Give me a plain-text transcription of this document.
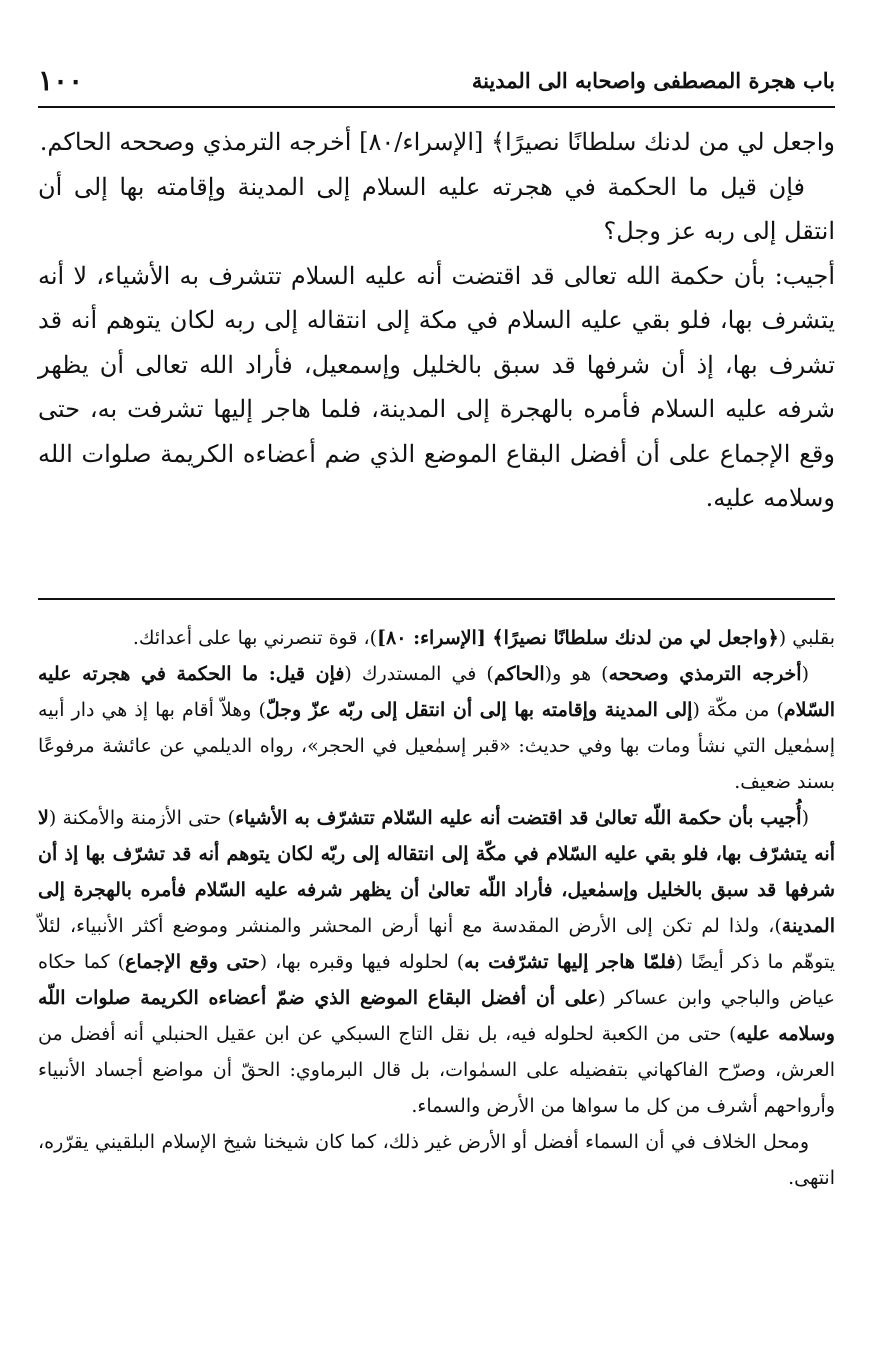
باب هجرة المصطفى واصحابه الى المدينة
١٠٠

واجعل لي من لدنك سلطانًا نصيرًا﴾ [الإسراء/٨٠] أخرجه الترمذي وصححه الحاكم.

فإن قيل ما الحكمة في هجرته عليه السلام إلى المدينة وإقامته بها إلى أن انتقل إلى ربه عز وجل؟

أجيب: بأن حكمة الله تعالى قد اقتضت أنه عليه السلام تتشرف به الأشياء، لا أنه يتشرف بها، فلو بقي عليه السلام في مكة إلى انتقاله إلى ربه لكان يتوهم أنه قد تشرف بها، إذ أن شرفها قد سبق بالخليل وإسمعيل، فأراد الله تعالى أن يظهر شرفه عليه السلام فأمره بالهجرة إلى المدينة، فلما هاجر إليها تشرفت به، حتى وقع الإجماع على أن أفضل البقاع الموضع الذي ضم أعضاءه الكريمة صلوات الله وسلامه عليه.

بقلبي (﴿واجعل لي من لدنك سلطانًا نصيرًا﴾ [الإسراء: ٨٠])، قوة تنصرني بها على أعدائك.

(أخرجه الترمذي وصححه) هو و(الحاكم) في المستدرك (فإن قيل: ما الحكمة في هجرته عليه السّلام) من مكّة (إلى المدينة وإقامته بها إلى أن انتقل إلى ربّه عزّ وجلّ) وهلاّ أقام بها إذ هي دار أبيه إسمٰعيل التي نشأ ومات بها وفي حديث: «قبر إسمٰعيل في الحجر»، رواه الديلمي عن عائشة مرفوعًا بسند ضعيف.

(أُجيب بأن حكمة اللّه تعالىٰ قد اقتضت أنه عليه السّلام تتشرّف به الأشياء) حتى الأزمنة والأمكنة (لا أنه يتشرّف بها، فلو بقي عليه السّلام في مكّة إلى انتقاله إلى ربّه لكان يتوهم أنه قد تشرّف بها إذ أن شرفها قد سبق بالخليل وإسمٰعيل، فأراد اللّه تعالىٰ أن يظهر شرفه عليه السّلام فأمره بالهجرة إلى المدينة)، ولذا لم تكن إلى الأرض المقدسة مع أنها أرض المحشر والمنشر وموضع أكثر الأنبياء، لئلاّ يتوهّم ما ذكر أيضًا (فلمّا هاجر إليها تشرّفت به) لحلوله فيها وقبره بها، (حتى وقع الإجماع) كما حكاه عياض والباجي وابن عساكر (على أن أفضل البقاع الموضع الذي ضمّ أعضاءه الكريمة صلوات اللّه وسلامه عليه) حتى من الكعبة لحلوله فيه، بل نقل التاج السبكي عن ابن عقيل الحنبلي أنه أفضل من العرش، وصرّح الفاكهاني بتفضيله على السمٰوات، بل قال البرماوي: الحقّ أن مواضع أجساد الأنبياء وأرواحهم أشرف من كل ما سواها من الأرض والسماء.

ومحل الخلاف في أن السماء أفضل أو الأرض غير ذلك، كما كان شيخنا شيخ الإسلام البلقيني يقرّره، انتهى.
